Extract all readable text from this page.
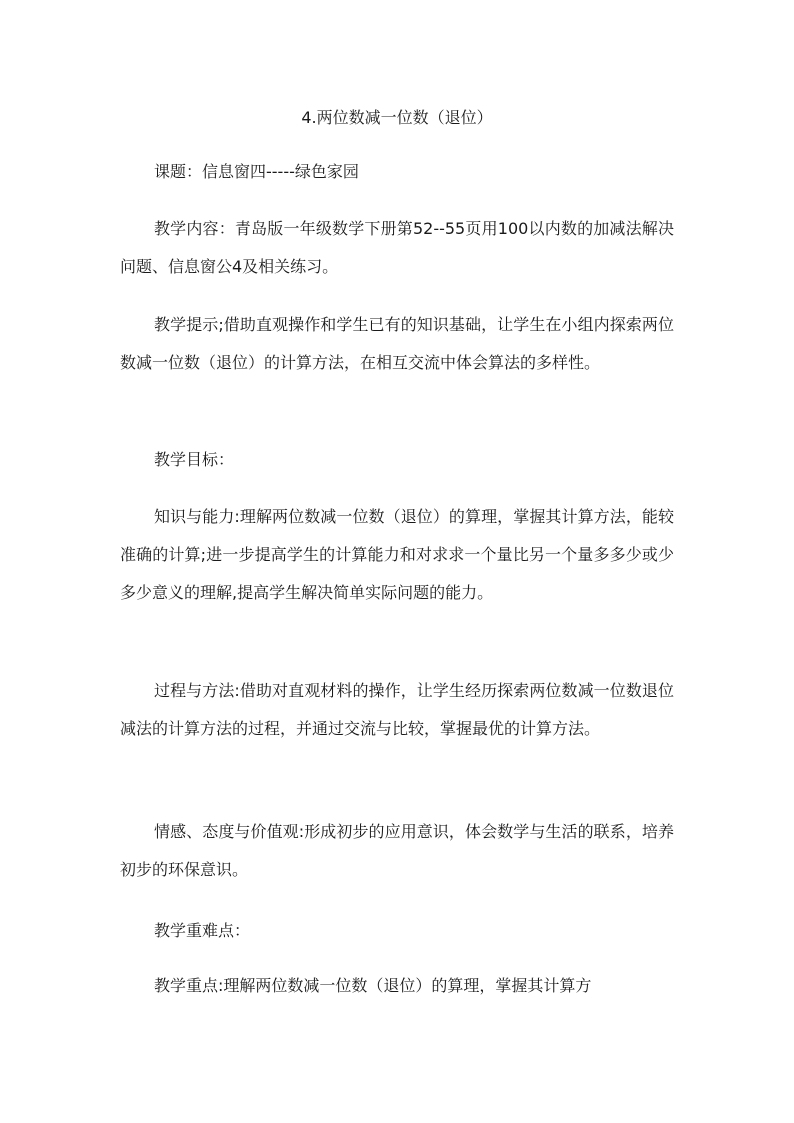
4.两位数减一位数（退位）

课题：信息窗四-----绿色家园

教学内容：青岛版一年级数学下册第52--55页用100以内数的加减法解决问题、信息窗公4及相关练习。

教学提示;借助直观操作和学生已有的知识基础，让学生在小组内探索两位数减一位数（退位）的计算方法，在相互交流中体会算法的多样性。

教学目标：

知识与能力:理解两位数减一位数（退位）的算理，掌握其计算方法，能较准确的计算;进一步提高学生的计算能力和对求求一个量比另一个量多多少或少多少意义的理解,提高学生解决简单实际问题的能力。

过程与方法:借助对直观材料的操作，让学生经历探索两位数减一位数退位减法的计算方法的过程，并通过交流与比较，掌握最优的计算方法。

情感、态度与价值观:形成初步的应用意识，体会数学与生活的联系，培养初步的环保意识。

教学重难点：

教学重点:理解两位数减一位数（退位）的算理，掌握其计算方
